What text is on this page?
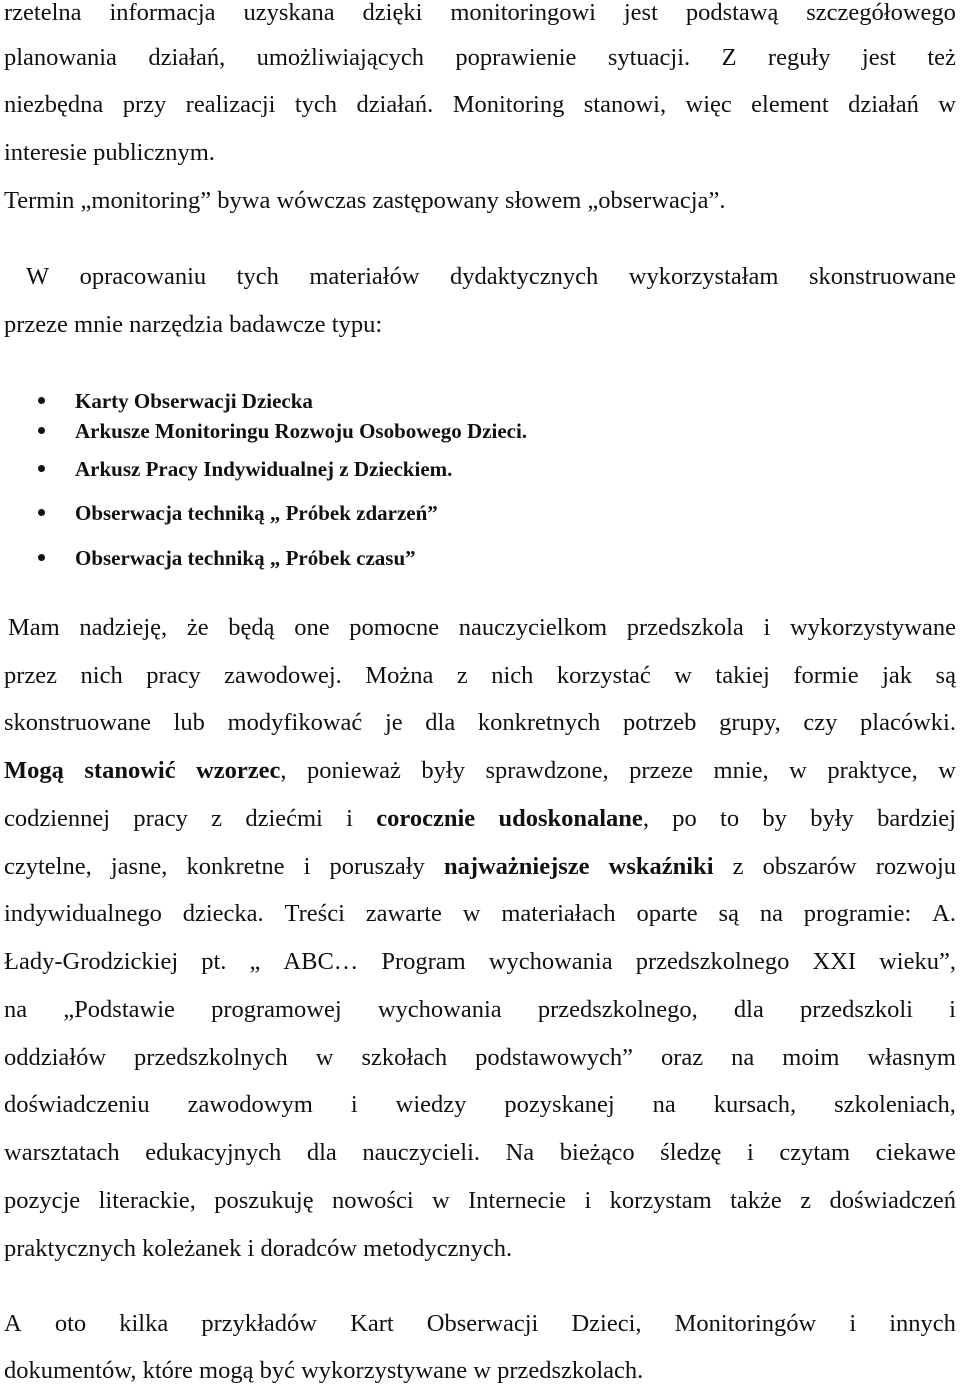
rzetelna informacja uzyskana dzięki monitoringowi jest podstawą szczegółowego

planowania działań, umożliwiających poprawienie sytuacji. Z reguły jest też

niezbędna przy realizacji tych działań. Monitoring stanowi, więc element działań w

interesie publicznym.

Termin „monitoring” bywa wówczas zastępowany słowem „obserwacja”.

W opracowaniu tych materiałów dydaktycznych wykorzystałam skonstruowane

przeze mnie narzędzia badawcze typu:

Karty Obserwacji Dziecka
Arkusze Monitoringu Rozwoju Osobowego Dzieci.
Arkusz Pracy Indywidualnej z Dzieckiem.
Obserwacja techniką „ Próbek zdarzeń”
Obserwacja techniką „ Próbek czasu”

Mam nadzieję, że będą one pomocne nauczycielkom przedszkola i wykorzystywane

przez nich pracy zawodowej. Można z nich korzystać w takiej formie jak są

skonstruowane lub modyfikować je dla konkretnych potrzeb grupy, czy placówki.

Mogą stanowić wzorzec, ponieważ były sprawdzone, przeze mnie, w praktyce, w

codziennej pracy z dziećmi i corocznie udoskonalane, po to by były bardziej

czytelne, jasne, konkretne i poruszały najważniejsze wskaźniki z obszarów rozwoju

indywidualnego dziecka. Treści zawarte w materiałach oparte są na programie: A.

Łady-Grodzickiej pt. „ ABC… Program wychowania przedszkolnego XXI wieku”,

na „Podstawie programowej wychowania przedszkolnego, dla przedszkoli i

oddziałów przedszkolnych w szkołach podstawowych” oraz na moim własnym

doświadczeniu zawodowym i wiedzy pozyskanej na kursach, szkoleniach,

warsztatach edukacyjnych dla nauczycieli. Na bieżąco śledzę i czytam ciekawe

pozycje literackie, poszukuję nowości w Internecie i korzystam także z doświadczeń

praktycznych koleżanek i doradców metodycznych.

A oto kilka przykładów Kart Obserwacji Dzieci, Monitoringów i innych

dokumentów, które mogą być wykorzystywane w przedszkolach.
